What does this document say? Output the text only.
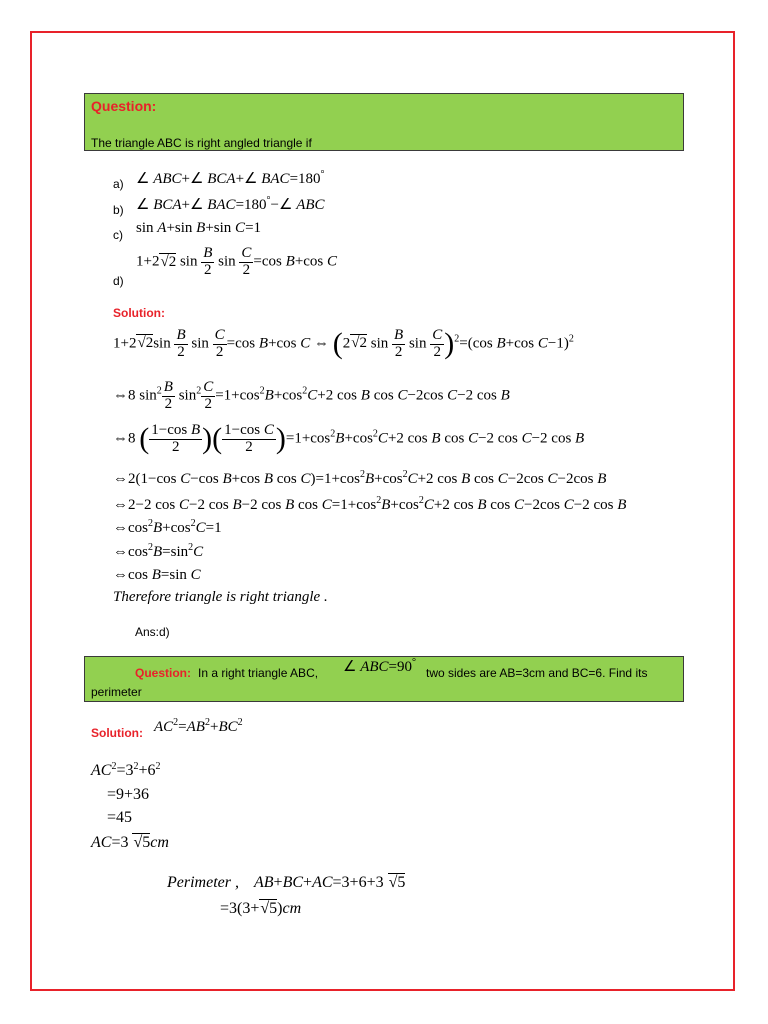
Question:
The triangle ABC is right angled triangle if
a) ∠ ABC+∠ BCA+∠ BAC=180°
b) ∠ BCA+∠ BAC=180°−∠ ABC
c) sin A+sin B+sin C=1
d)
1+2√2 $\sin \frac{B}{2}$ $\sin \frac{C}{2} =\cos$ B+cos C
Solution:
$1+2√2\sin \frac{B}{2}$ $\sin \frac{C}{2} =\cos$ B+cos C ⇔ (2√2 $\sin \frac{B}{2}$ $\sin \frac{C}{2} )^2=(\cos$ B+cos C−1)$^2$
⇔8 $\sin^2 \frac{B}{2} \sin^2 \frac{C}{2} =1+\cos^2B+\cos^2C+2$ cos B cos C−2cos C−2 cos B
⇔8 ( $\frac{\text{1−cos B}}{2}$ )( $\frac{\text{1−cos C}}{2} )=1+\cos^2B+\cos^2C+2$ cos B cos C−2 cos C−2 cos B
⇔2(1−cos C−cos B+cos B $\cos C)=1+\cos^2B+\cos^2C+2$ cos B cos C−2cos C−2cos B
⇔2−2 cos C−2 cos B−2 cos B $\cos C=1+\cos^2B+\cos^2C+2$ cos B cos C−2cos C−2 cos B
$\Leftrightarrow\cos^2B+\cos^2C=1$
$\Leftrightarrow\cos^2B=\sin^2C$
⇔cos B=sin C
Therefore triangle is right triangle .
Ans:d)
Question: In a right triangle ABC, ∠ ABC=90°
two sides are AB=3cm and BC=6. Find its
perimeter
Solution: $AC^2=AB^2+BC^2$
$AC^2=3^2+6^2$
=9+36
=45
AC=3 √5cm
Perimeter , AB+BC+AC=3+6+3 √5
=3(3+√5)cm
